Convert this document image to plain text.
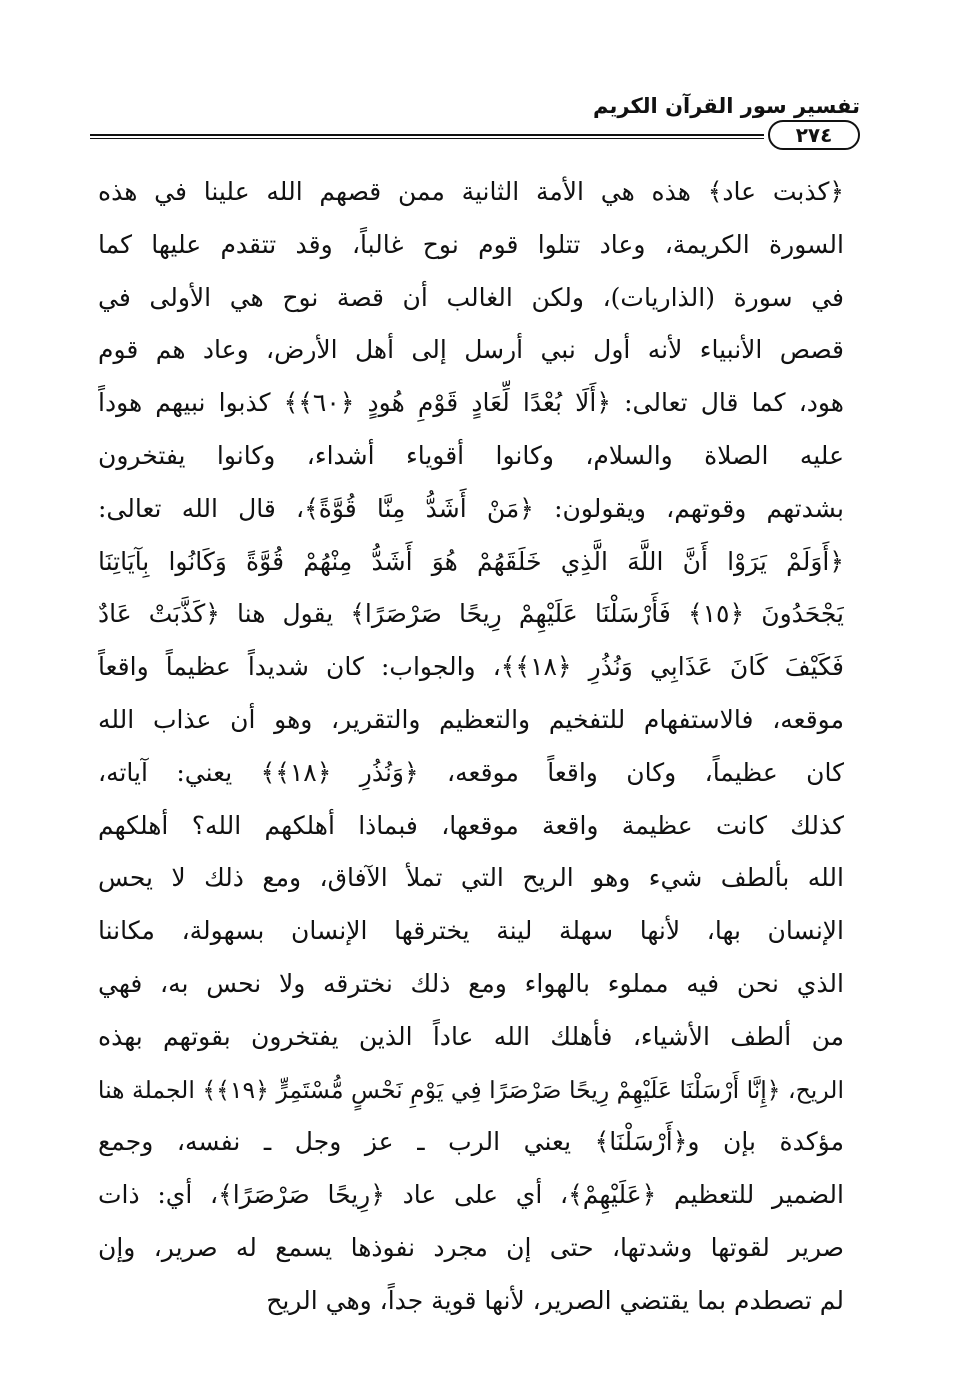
تفسير سور القرآن الكريم
٢٧٤
﴿كذبت عاد﴾ هذه هي الأمة الثانية ممن قصهم الله علينا في هذه
السورة الكريمة، وعاد تتلوا قوم نوح غالباً، وقد تتقدم عليها كما
في سورة (الذاريات)، ولكن الغالب أن قصة نوح هي الأولى في
قصص الأنبياء لأنه أول نبي أرسل إلى أهل الأرض، وعاد هم قوم
هود، كما قال تعالى: ﴿أَلَا بُعْدًا لِّعَادٍ قَوْمِ هُودٍ ﴿٦٠﴾﴾ كذبوا نبيهم هوداً
عليه الصلاة والسلام، وكانوا أقوياء أشداء، وكانوا يفتخرون
بشدتهم وقوتهم، ويقولون: ﴿مَنْ أَشَدُّ مِنَّا قُوَّةً﴾، قال الله تعالى:
﴿أَوَلَمْ يَرَوْا أَنَّ اللَّهَ الَّذِي خَلَقَهُمْ هُوَ أَشَدُّ مِنْهُمْ قُوَّةً وَكَانُوا بِآيَاتِنَا
يَجْحَدُونَ ﴿١٥﴾ فَأَرْسَلْنَا عَلَيْهِمْ رِيحًا صَرْصَرًا﴾ يقول هنا ﴿كَذَّبَتْ عَادٌ
فَكَيْفَ كَانَ عَذَابِي وَنُذُرِ ﴿١٨﴾﴾، والجواب: كان شديداً عظيماً واقعاً
موقعه، فالاستفهام للتفخيم والتعظيم والتقرير، وهو أن عذاب الله
كان عظيماً، وكان واقعاً موقعه، ﴿وَنُذُرِ ﴿١٨﴾﴾ يعني: آياته،
كذلك كانت عظيمة واقعة موقعها، فبماذا أهلكهم الله؟ أهلكهم
الله بألطف شيء وهو الريح التي تملأ الآفاق، ومع ذلك لا يحس
الإنسان بها، لأنها سهلة لينة يخترقها الإنسان بسهولة، مكاننا
الذي نحن فيه مملوء بالهواء ومع ذلك نخترقه ولا نحس به، فهي
من ألطف الأشياء، فأهلك الله عاداً الذين يفتخرون بقوتهم بهذه
الريح، ﴿إِنَّا أَرْسَلْنَا عَلَيْهِمْ رِيحًا صَرْصَرًا فِي يَوْمِ نَحْسٍ مُّسْتَمِرٍّ ﴿١٩﴾﴾ الجملة هنا
مؤكدة بإن و﴿أَرْسَلْنَا﴾ يعني الرب ـ عز وجل ـ نفسه، وجمع
الضمير للتعظيم ﴿عَلَيْهِمْ﴾، أي على عاد ﴿رِيحًا صَرْصَرًا﴾، أي: ذات
صرير لقوتها وشدتها، حتى إن مجرد نفوذها يسمع له صرير، وإن
لم تصطدم بما يقتضي الصرير، لأنها قوية جداً، وهي الريح
